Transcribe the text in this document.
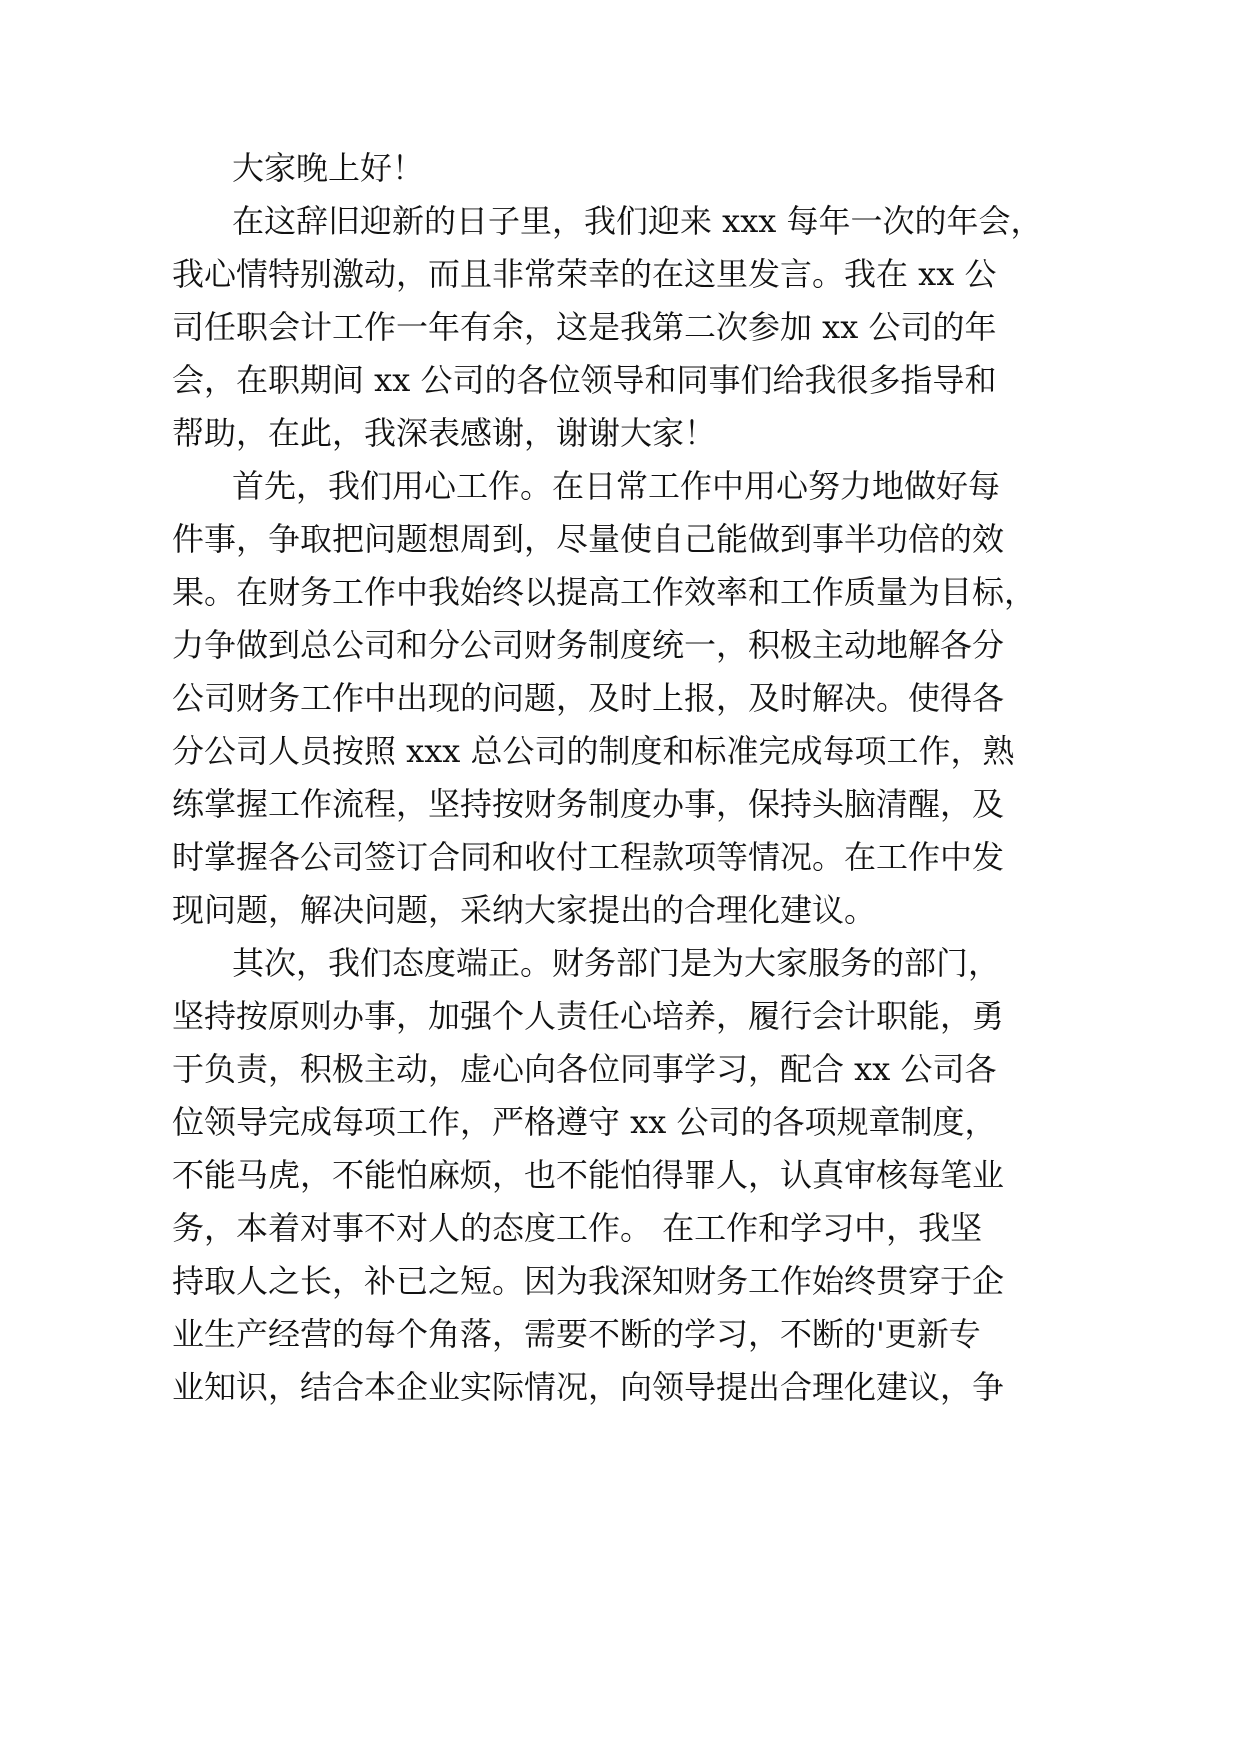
大家晚上好！

在这辞旧迎新的日子里，我们迎来 xxx 每年一次的年会，

我心情特别激动，而且非常荣幸的在这里发言。我在 xx 公

司任职会计工作一年有余，这是我第二次参加 xx 公司的年

会，在职期间 xx 公司的各位领导和同事们给我很多指导和

帮助，在此，我深表感谢，谢谢大家！

首先，我们用心工作。在日常工作中用心努力地做好每

件事，争取把问题想周到，尽量使自己能做到事半功倍的效

果。在财务工作中我始终以提高工作效率和工作质量为目标，

力争做到总公司和分公司财务制度统一，积极主动地解各分

公司财务工作中出现的问题，及时上报，及时解决。使得各

分公司人员按照 xxx 总公司的制度和标准完成每项工作，熟

练掌握工作流程，坚持按财务制度办事，保持头脑清醒，及

时掌握各公司签订合同和收付工程款项等情况。在工作中发

现问题，解决问题，采纳大家提出的合理化建议。

其次，我们态度端正。财务部门是为大家服务的部门，

坚持按原则办事，加强个人责任心培养，履行会计职能，勇

于负责，积极主动，虚心向各位同事学习，配合 xx 公司各

位领导完成每项工作，严格遵守 xx 公司的各项规章制度，

不能马虎，不能怕麻烦，也不能怕得罪人，认真审核每笔业

务，本着对事不对人的态度工作。 在工作和学习中，我坚

持取人之长，补已之短。因为我深知财务工作始终贯穿于企

业生产经营的每个角落，需要不断的学习，不断的'更新专

业知识，结合本企业实际情况，向领导提出合理化建议，争
